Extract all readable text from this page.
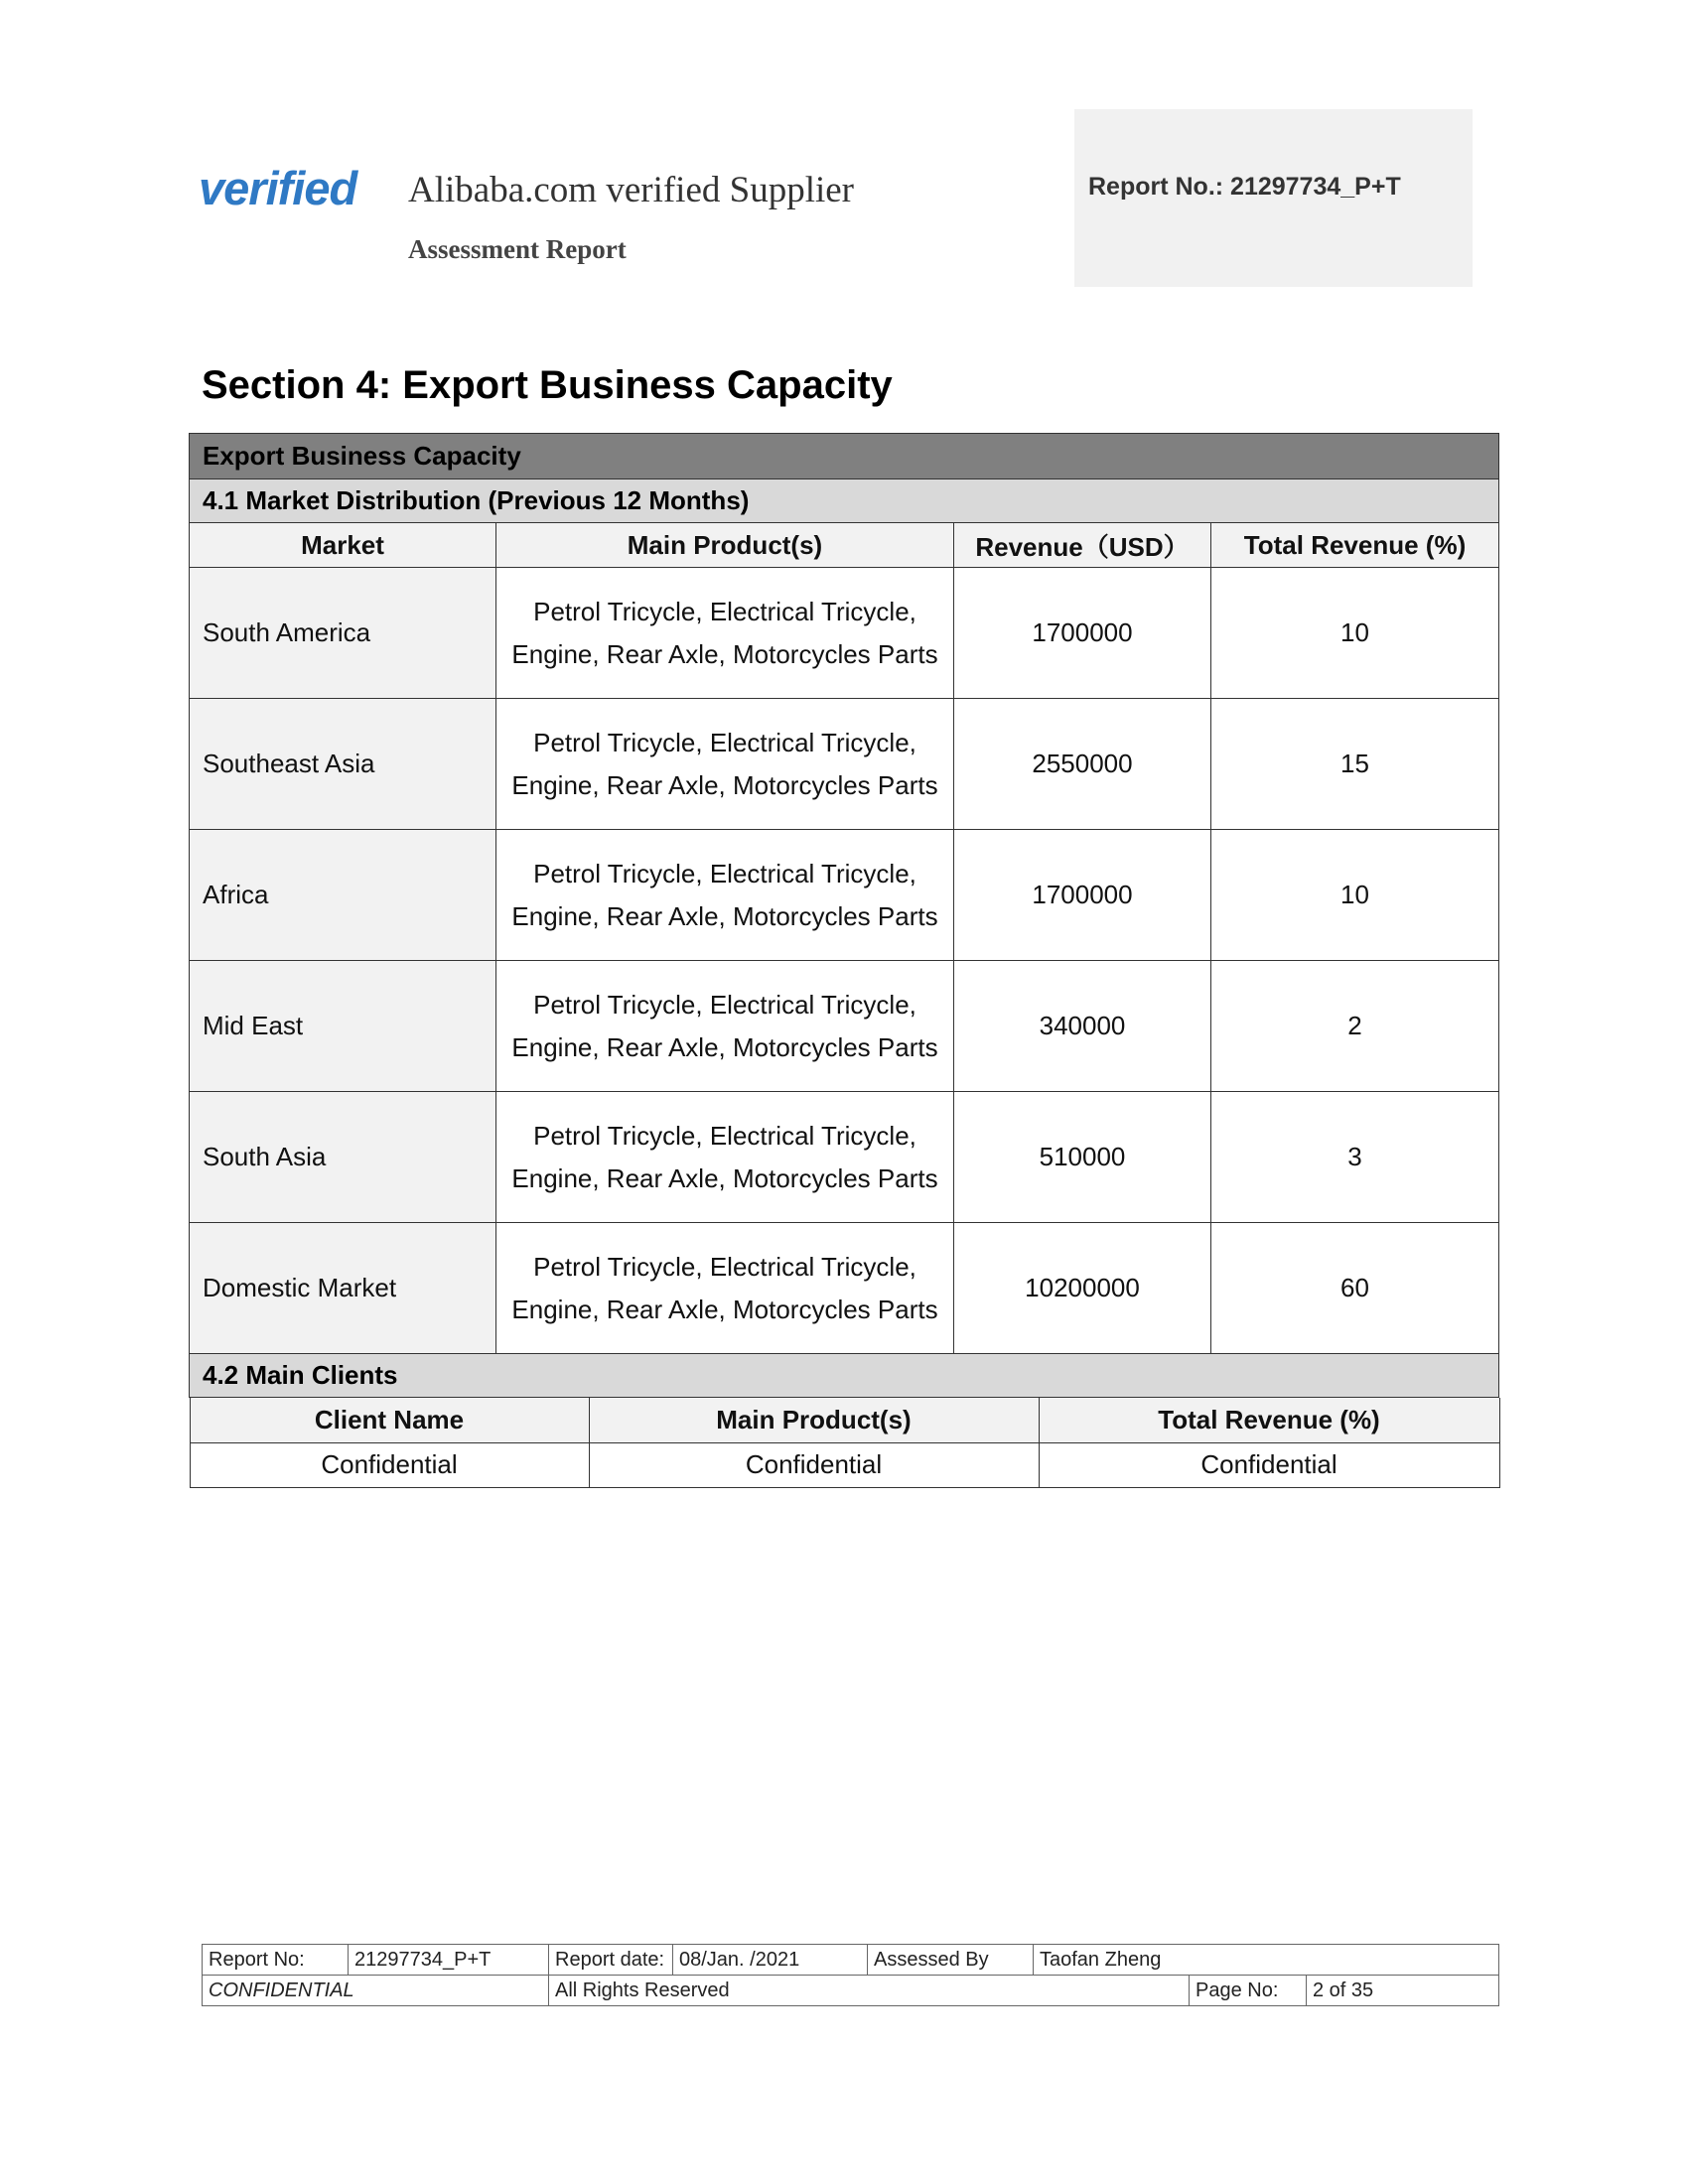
verified	Alibaba.com verified Supplier
Assessment Report
Report No.: 21297734_P+T
Section 4: Export Business Capacity
Export Business Capacity
4.1 Market Distribution (Previous 12 Months)
Market	Main Product(s)	Revenue（USD）	Total Revenue (%)
South America	Petrol Tricycle, Electrical Tricycle, Engine, Rear Axle, Motorcycles Parts	1700000	10
Southeast Asia	Petrol Tricycle, Electrical Tricycle, Engine, Rear Axle, Motorcycles Parts	2550000	15
Africa	Petrol Tricycle, Electrical Tricycle, Engine, Rear Axle, Motorcycles Parts	1700000	10
Mid East	Petrol Tricycle, Electrical Tricycle, Engine, Rear Axle, Motorcycles Parts	340000	2
South Asia	Petrol Tricycle, Electrical Tricycle, Engine, Rear Axle, Motorcycles Parts	510000	3
Domestic Market	Petrol Tricycle, Electrical Tricycle, Engine, Rear Axle, Motorcycles Parts	10200000	60
4.2 Main Clients

Client Name	Main Product(s)	Total Revenue (%)
Confidential	Confidential	Confidential
Report No:	21297734_P+T	Report date:	08/Jan. /2021	Assessed By	Taofan Zheng		
CONFIDENTIAL		All Rights Reserved				Page No:	2 of 35
